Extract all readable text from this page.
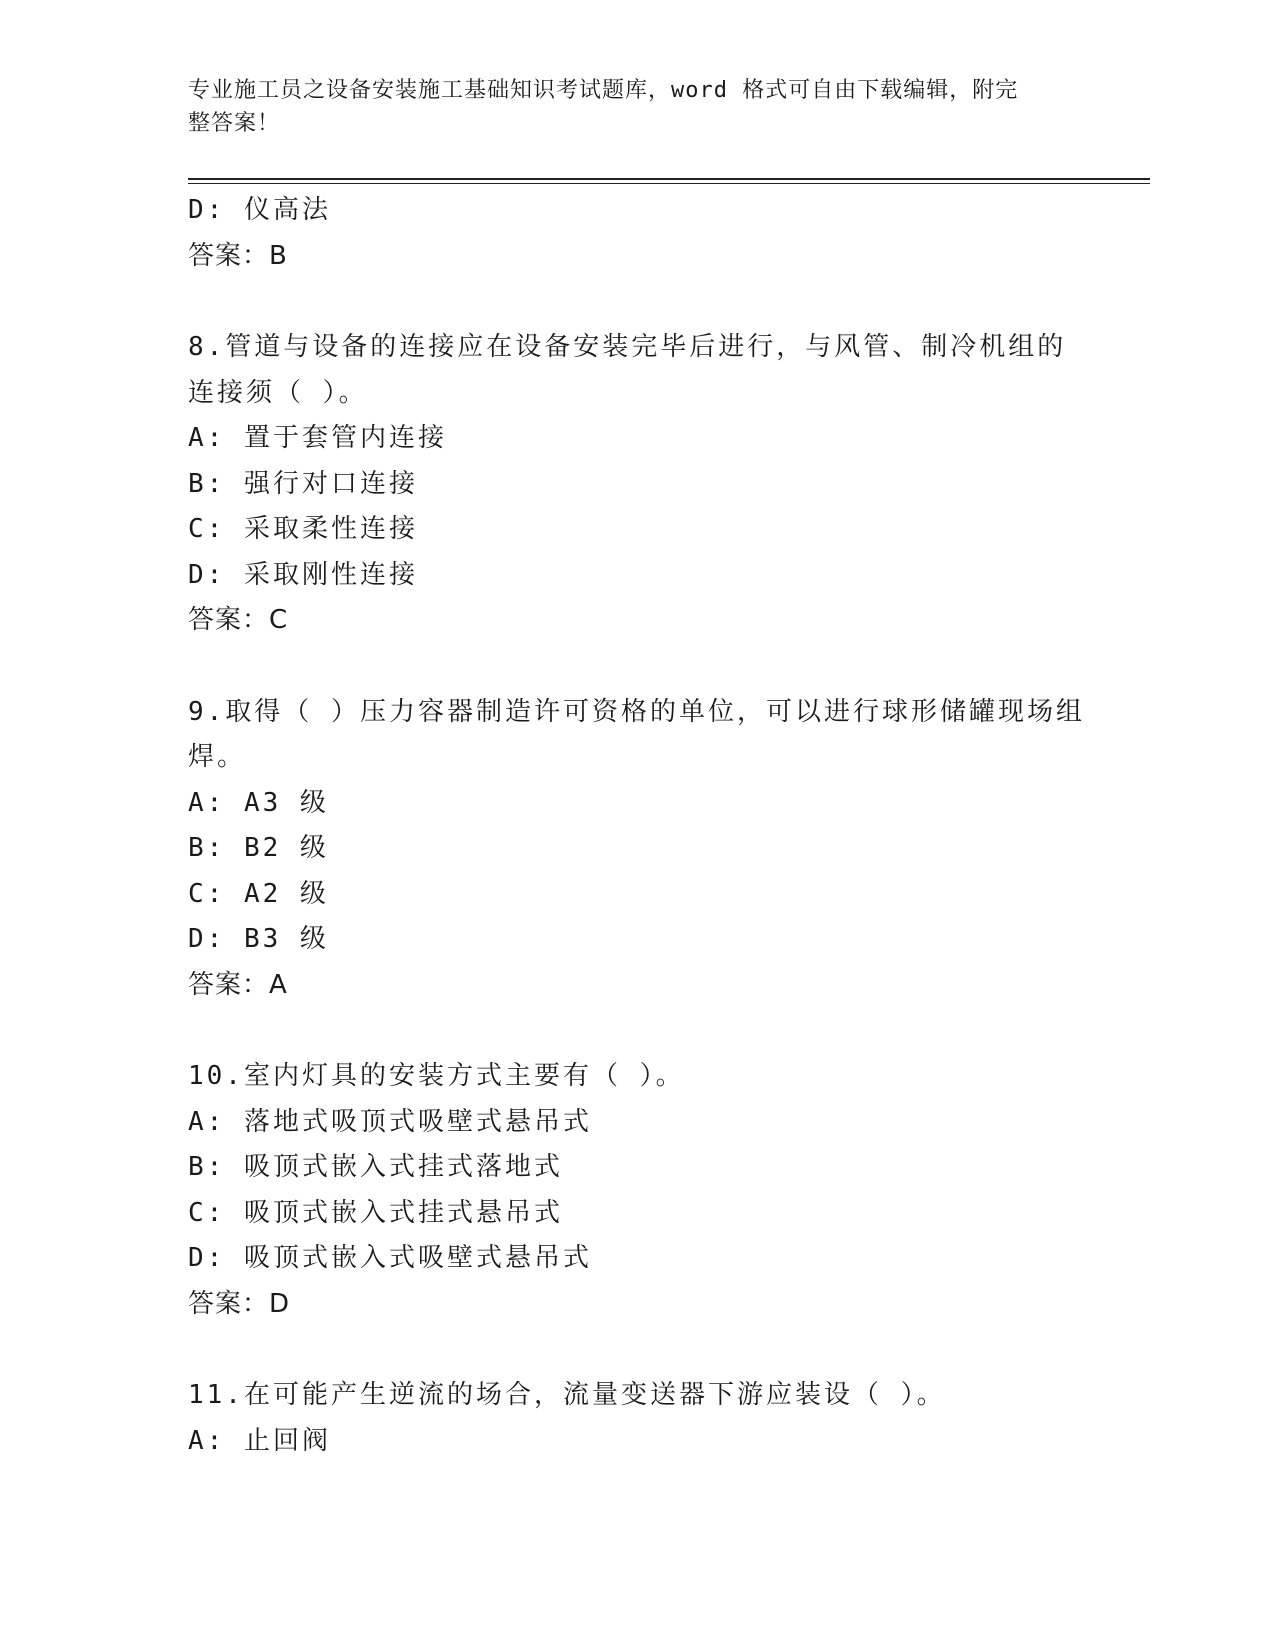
专业施工员之设备安装施工基础知识考试题库，word 格式可自由下载编辑，附完
整答案！
D: 仪高法
答案：B
8.管道与设备的连接应在设备安装完毕后进行，与风管、制冷机组的
连接须（ ）。
A: 置于套管内连接
B: 强行对口连接
C: 采取柔性连接
D: 采取刚性连接
答案：C
9.取得（ ）压力容器制造许可资格的单位，可以进行球形储罐现场组
焊。
A: A3 级
B: B2 级
C: A2 级
D: B3 级
答案：A
10.室内灯具的安装方式主要有（ ）。
A: 落地式吸顶式吸壁式悬吊式
B: 吸顶式嵌入式挂式落地式
C: 吸顶式嵌入式挂式悬吊式
D: 吸顶式嵌入式吸壁式悬吊式
答案：D
11.在可能产生逆流的场合，流量变送器下游应装设（ ）。
A: 止回阀
